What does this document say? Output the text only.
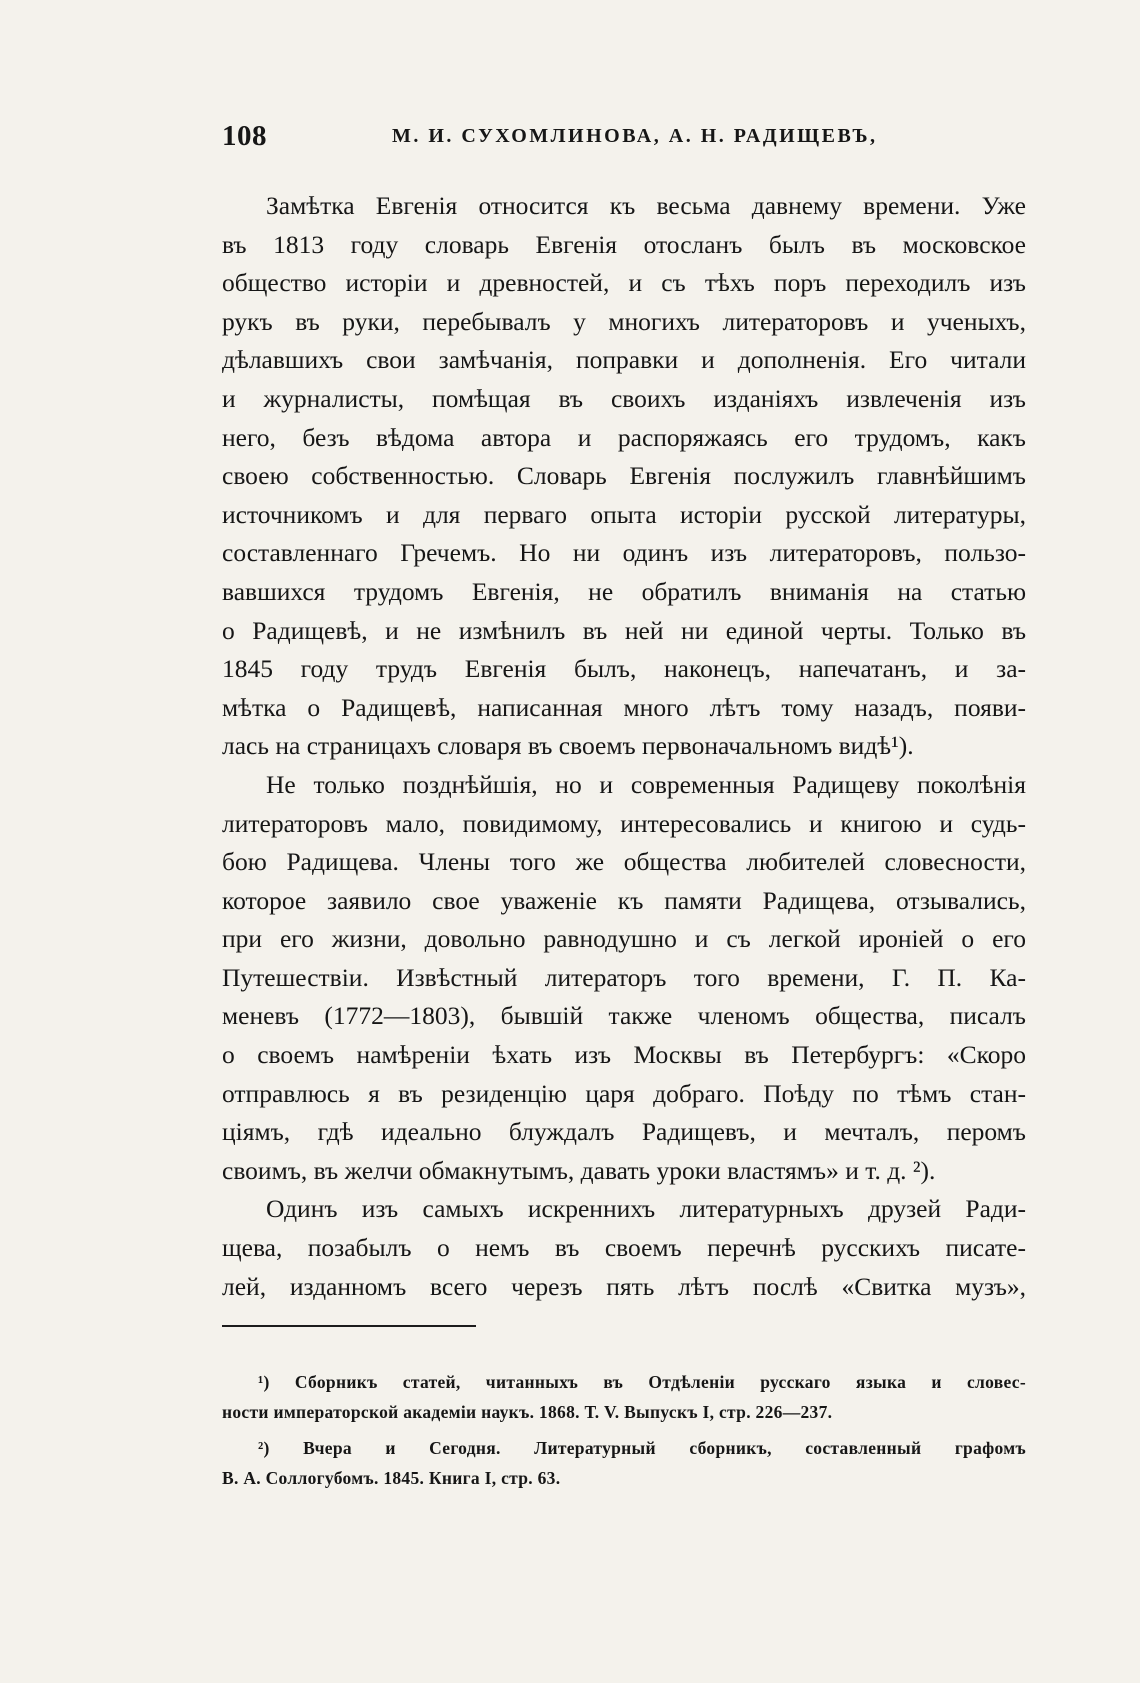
108	М. И. СУХОМЛИНОВА, А. Н. РАДИЩЕВЪ,
Замѣтка Евгенія относится къ весьма давнему времени. Уже
въ 1813 году словарь Евгенія отосланъ былъ въ московское
общество исторіи и древностей, и съ тѣхъ поръ переходилъ изъ
рукъ въ руки, перебывалъ у многихъ литераторовъ и ученыхъ,
дѣлавшихъ свои замѣчанія, поправки и дополненія. Его читали
и журналисты, помѣщая въ своихъ изданіяхъ извлеченія изъ
него, безъ вѣдома автора и распоряжаясь его трудомъ, какъ
своею собственностью. Словарь Евгенія послужилъ главнѣйшимъ
источникомъ и для перваго опыта исторіи русской литературы,
составленнаго Гречемъ. Но ни одинъ изъ литераторовъ, пользо-
вавшихся трудомъ Евгенія, не обратилъ вниманія на статью
о Радищевѣ, и не измѣнилъ въ ней ни единой черты. Только въ
1845 году трудъ Евгенія былъ, наконецъ, напечатанъ, и за-
мѣтка о Радищевѣ, написанная много лѣтъ тому назадъ, появи-
лась на страницахъ словаря въ своемъ первоначальномъ видѣ¹).
Не только позднѣйшія, но и современныя Радищеву поколѣнія
литераторовъ мало, повидимому, интересовались и книгою и судь-
бою Радищева. Члены того же общества любителей словесности,
которое заявило свое уваженіе къ памяти Радищева, отзывались,
при его жизни, довольно равнодушно и съ легкой ироніей о его
Путешествіи. Извѣстный литераторъ того времени, Г. П. Ка-
меневъ (1772—1803), бывшій также членомъ общества, писалъ
о своемъ намѣреніи ѣхать изъ Москвы въ Петербургъ: «Скоро
отправлюсь я въ резиденцію царя добраго. Поѣду по тѣмъ стан-
ціямъ, гдѣ идеально блуждалъ Радищевъ, и мечталъ, перомъ
своимъ, въ желчи обмакнутымъ, давать уроки властямъ» и т. д. ²).
Одинъ изъ самыхъ искреннихъ литературныхъ друзей Ради-
щева, позабылъ о немъ въ своемъ перечнѣ русскихъ писате-
лей, изданномъ всего черезъ пять лѣтъ послѣ «Свитка музъ»,
¹) Сборникъ статей, читанныхъ въ Отдѣленіи русскаго языка и словес-
ности императорской академіи наукъ. 1868. Т. V. Выпускъ I, стр. 226—237.
²) Вчера и Сегодня. Литературный сборникъ, составленный графомъ
В. А. Соллогубомъ. 1845. Книга I, стр. 63.
